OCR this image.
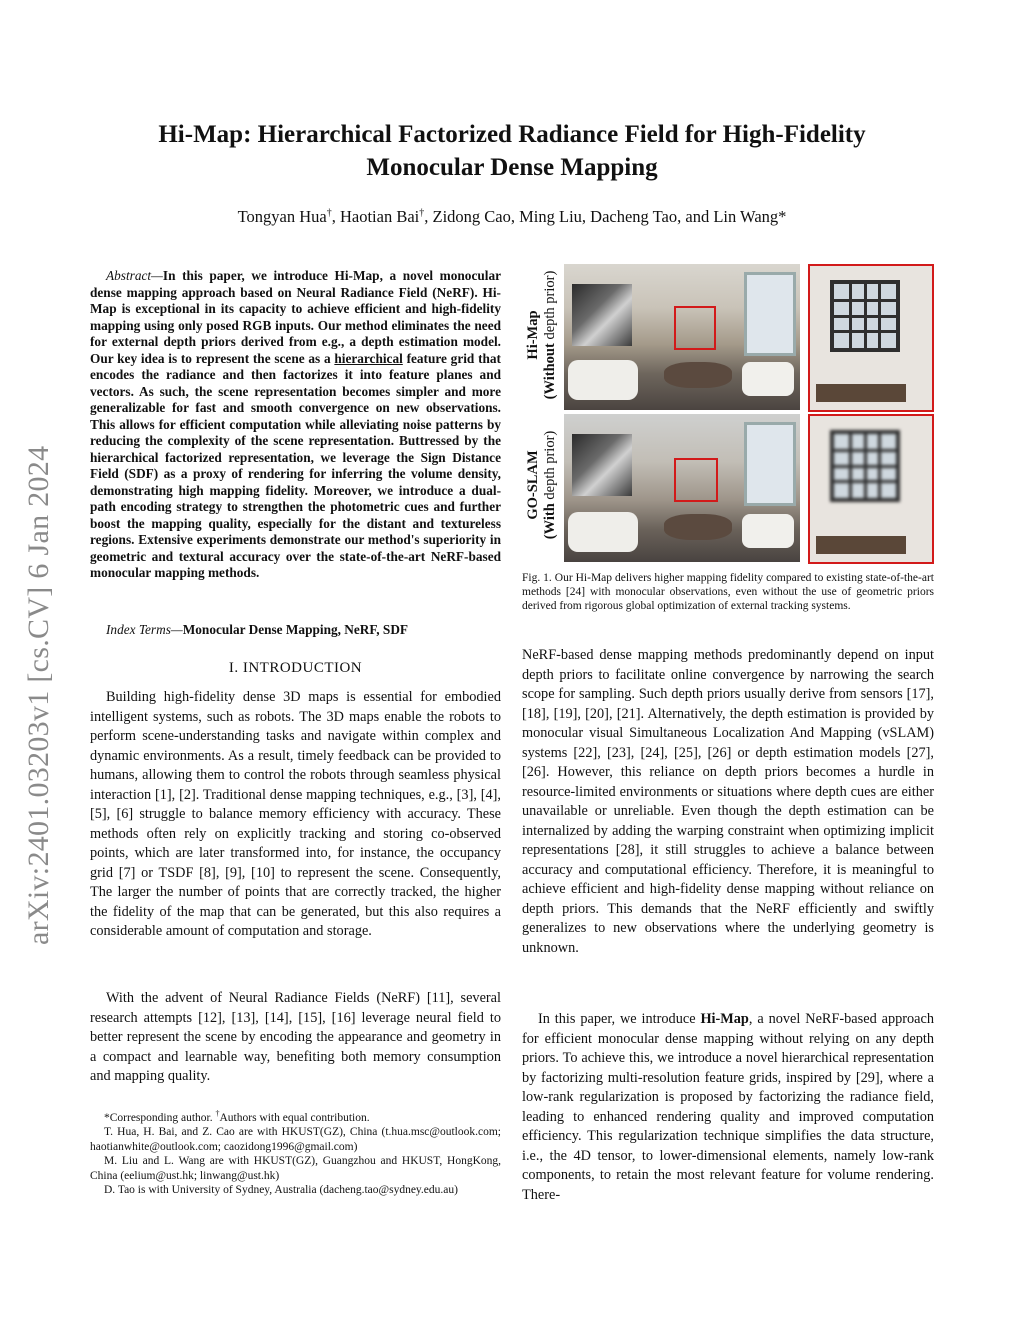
arXiv:2401.03203v1 [cs.CV] 6 Jan 2024
Hi-Map: Hierarchical Factorized Radiance Field for High-Fidelity Monocular Dense Mapping
Tongyan Hua†, Haotian Bai†, Zidong Cao, Ming Liu, Dacheng Tao, and Lin Wang*

Abstract—In this paper, we introduce Hi-Map, a novel monocular dense mapping approach based on Neural Radiance Field (NeRF). Hi-Map is exceptional in its capacity to achieve efficient and high-fidelity mapping using only posed RGB inputs. Our method eliminates the need for external depth priors derived from e.g., a depth estimation model. Our key idea is to represent the scene as a hierarchical feature grid that encodes the radiance and then factorizes it into feature planes and vectors. As such, the scene representation becomes simpler and more generalizable for fast and smooth convergence on new observations. This allows for efficient computation while alleviating noise patterns by reducing the complexity of the scene representation. Buttressed by the hierarchical factorized representation, we leverage the Sign Distance Field (SDF) as a proxy of rendering for inferring the volume density, demonstrating high mapping fidelity. Moreover, we introduce a dual-path encoding strategy to strengthen the photometric cues and further boost the mapping quality, especially for the distant and textureless regions. Extensive experiments demonstrate our method's superiority in geometric and textural accuracy over the state-of-the-art NeRF-based monocular mapping methods.

Index Terms—Monocular Dense Mapping, NeRF, SDF
I. INTRODUCTION

Building high-fidelity dense 3D maps is essential for embodied intelligent systems, such as robots. The 3D maps enable the robots to perform scene-understanding tasks and navigate within complex and dynamic environments. As a result, timely feedback can be provided to humans, allowing them to control the robots through seamless physical interaction [1], [2]. Traditional dense mapping techniques, e.g., [3], [4], [5], [6] struggle to balance memory efficiency with accuracy. These methods often rely on explicitly tracking and storing co-observed points, which are later transformed into, for instance, the occupancy grid [7] or TSDF [8], [9], [10] to represent the scene. Consequently, The larger the number of points that are correctly tracked, the higher the fidelity of the map that can be generated, but this also requires a considerable amount of computation and storage.

With the advent of Neural Radiance Fields (NeRF) [11], several research attempts [12], [13], [14], [15], [16] leverage neural field to better represent the scene by encoding the appearance and geometry in a compact and learnable way, benefiting both memory consumption and mapping quality.

*Corresponding author. †Authors with equal contribution.

T. Hua, H. Bai, and Z. Cao are with HKUST(GZ), China (t.hua.msc@outlook.com; haotianwhite@outlook.com; caozidong1996@gmail.com)

M. Liu and L. Wang are with HKUST(GZ), Guangzhou and HKUST, HongKong, China (eelium@ust.hk; linwang@ust.hk)

D. Tao is with University of Sydney, Australia (dacheng.tao@sydney.edu.au)

Hi-Map
(Without depth prior)
GO-SLAM
(With depth prior)

Fig. 1. Our Hi-Map delivers higher mapping fidelity compared to existing state-of-the-art methods [24] with monocular observations, even without the use of geometric priors derived from rigorous global optimization of external tracking systems.

NeRF-based dense mapping methods predominantly depend on input depth priors to facilitate online convergence by narrowing the search scope for sampling. Such depth priors usually derive from sensors [17], [18], [19], [20], [21]. Alternatively, the depth estimation is provided by monocular visual Simultaneous Localization And Mapping (vSLAM) systems [22], [23], [24], [25], [26] or depth estimation models [27], [26]. However, this reliance on depth priors becomes a hurdle in resource-limited environments or situations where depth cues are either unavailable or unreliable. Even though the depth estimation can be internalized by adding the warping constraint when optimizing implicit representations [28], it still struggles to achieve a balance between accuracy and computational efficiency. Therefore, it is meaningful to achieve efficient and high-fidelity dense mapping without reliance on depth priors. This demands that the NeRF efficiently and swiftly generalizes to new observations where the underlying geometry is unknown.

In this paper, we introduce Hi-Map, a novel NeRF-based approach for efficient monocular dense mapping without relying on any depth priors. To achieve this, we introduce a novel hierarchical representation by factorizing multi-resolution feature grids, inspired by [29], where a low-rank regularization is proposed by factorizing the radiance field, leading to enhanced rendering quality and improved computation efficiency. This regularization technique simplifies the data structure, i.e., the 4D tensor, to lower-dimensional elements, namely low-rank components, to retain the most relevant feature for volume rendering. There-
